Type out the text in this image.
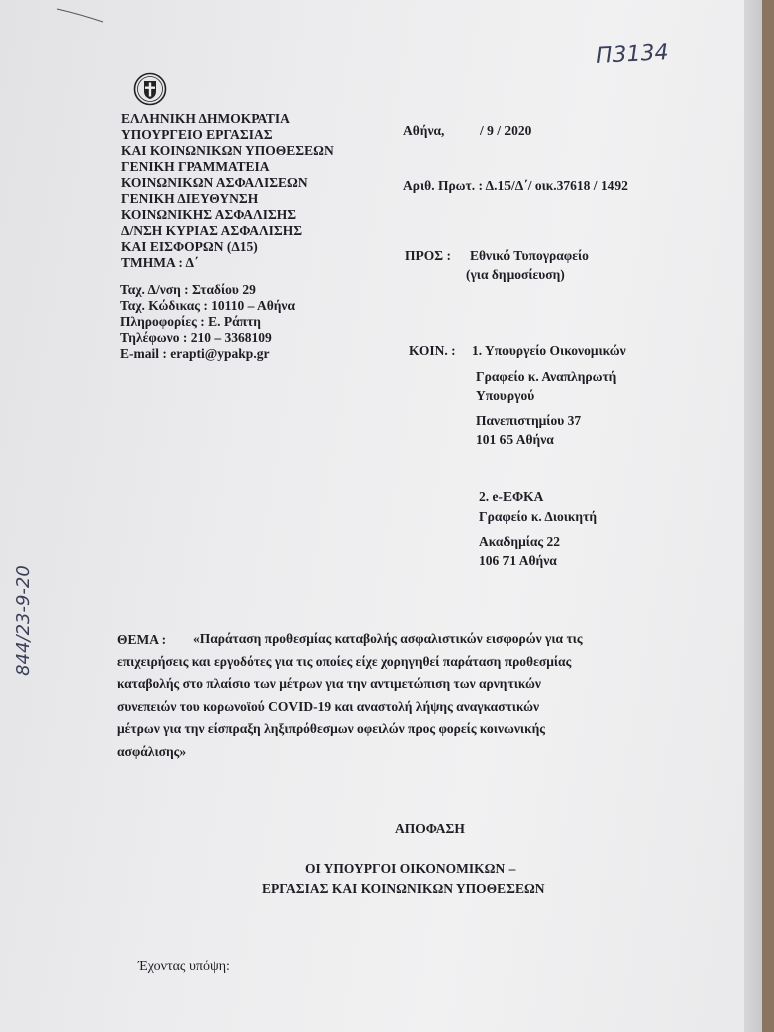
Π3134
844/23-9-20
ΕΛΛΗΝΙΚΗ ΔΗΜΟΚΡΑΤΙΑ
ΥΠΟΥΡΓΕΙΟ ΕΡΓΑΣΙΑΣ
ΚΑΙ ΚΟΙΝΩΝΙΚΩΝ ΥΠΟΘΕΣΕΩΝ
ΓΕΝΙΚΗ ΓΡΑΜΜΑΤΕΙΑ
ΚΟΙΝΩΝΙΚΩΝ ΑΣΦΑΛΙΣΕΩΝ
ΓΕΝΙΚΗ ΔΙΕΥΘΥΝΣΗ
ΚΟΙΝΩΝΙΚΗΣ ΑΣΦΑΛΙΣΗΣ
Δ/ΝΣΗ ΚΥΡΙΑΣ ΑΣΦΑΛΙΣΗΣ
ΚΑΙ ΕΙΣΦΟΡΩΝ (Δ15)
ΤΜΗΜΑ : Δ΄
Ταχ. Δ/νση : Σταδίου 29
Ταχ. Κώδικας : 10110 – Αθήνα
Πληροφορίες : Ε. Ράπτη
Τηλέφωνο : 210 – 3368109
E-mail : erapti@ypakp.gr
Αθήνα,	/ 9 / 2020
Αριθ. Πρωτ. : Δ.15/Δ΄/ οικ.37618 / 1492
ΠΡΟΣ : Εθνικό Τυπογραφείο
(για δημοσίευση)
ΚΟΙΝ. : 1. Υπουργείο Οικονομικών
Γραφείο κ. Αναπληρωτή
Υπουργού
Πανεπιστημίου 37
101 65 Αθήνα
2. e-ΕΦΚΑ
Γραφείο κ. Διοικητή
Ακαδημίας 22
106 71 Αθήνα
ΘΕΜΑ : «Παράταση προθεσμίας καταβολής ασφαλιστικών εισφορών για τις
επιχειρήσεις και εργοδότες για τις οποίες είχε χορηγηθεί παράταση προθεσμίας
καταβολής στο πλαίσιο των μέτρων για την αντιμετώπιση των αρνητικών
συνεπειών του κορωνοϊού COVID-19 και αναστολή λήψης αναγκαστικών
μέτρων για την είσπραξη ληξιπρόθεσμων οφειλών προς φορείς κοινωνικής
ασφάλισης»
ΑΠΟΦΑΣΗ
ΟΙ ΥΠΟΥΡΓΟΙ ΟΙΚΟΝΟΜΙΚΩΝ –
ΕΡΓΑΣΙΑΣ ΚΑΙ ΚΟΙΝΩΝΙΚΩΝ ΥΠΟΘΕΣΕΩΝ
Έχοντας υπόψη:
